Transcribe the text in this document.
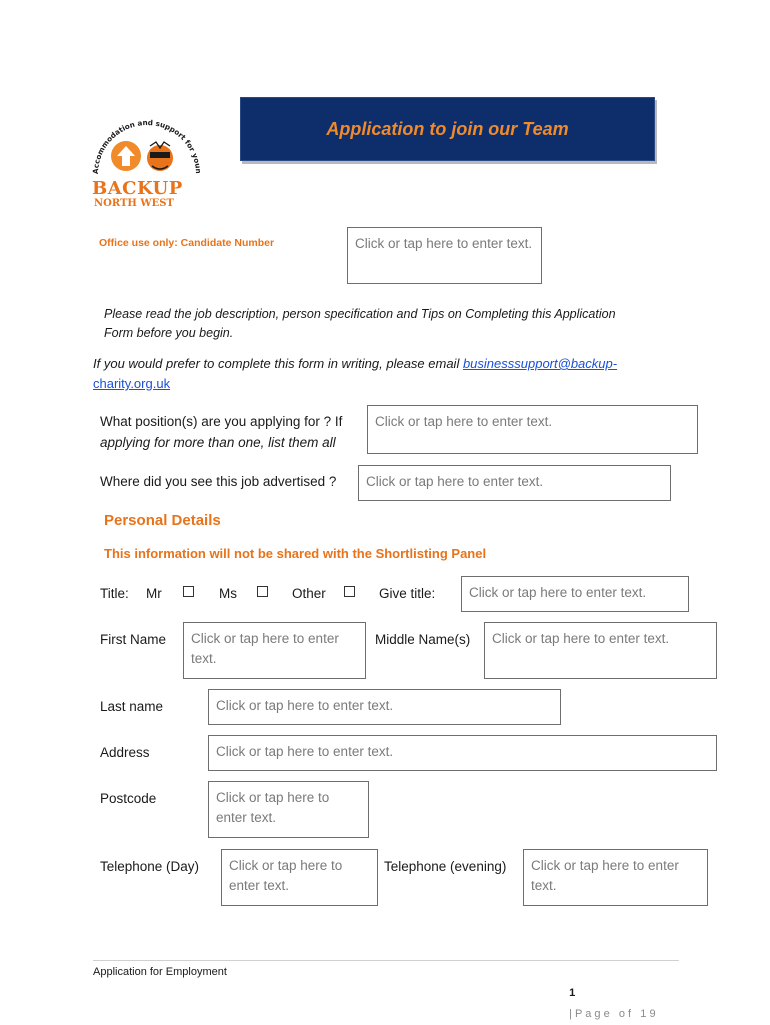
Accommodation and support for youn
BACKUP
NORTH WEST
Application to join our Team
Office use only: Candidate Number	Click or tap here to enter text.
Please read the job description, person specification and Tips on Completing this Application
Form before you begin.
If you would prefer to complete this form in writing, please email businesssupport@backup-
charity.org.uk
What position(s) are you applying for ? If
applying for more than one, list them all
Click or tap here to enter text.
Where did you see this job advertised ?	Click or tap here to enter text.
Personal Details
This information will not be shared with the Shortlisting Panel
Title: Mr	Ms	Other	Give title:	Click or tap here to enter text.
First Name Click or tap here to enter
text.
Middle Name(s)	Click or tap here to enter text.
Last name	Click or tap here to enter text.
Address	Click or tap here to enter text.
Postcode	Click or tap here to
enter text.
Telephone (Day) Click or tap here to
enter text.
Telephone (evening) Click or tap here to enter
text.
Application for Employment

1
| P a g e   o f   1 9
